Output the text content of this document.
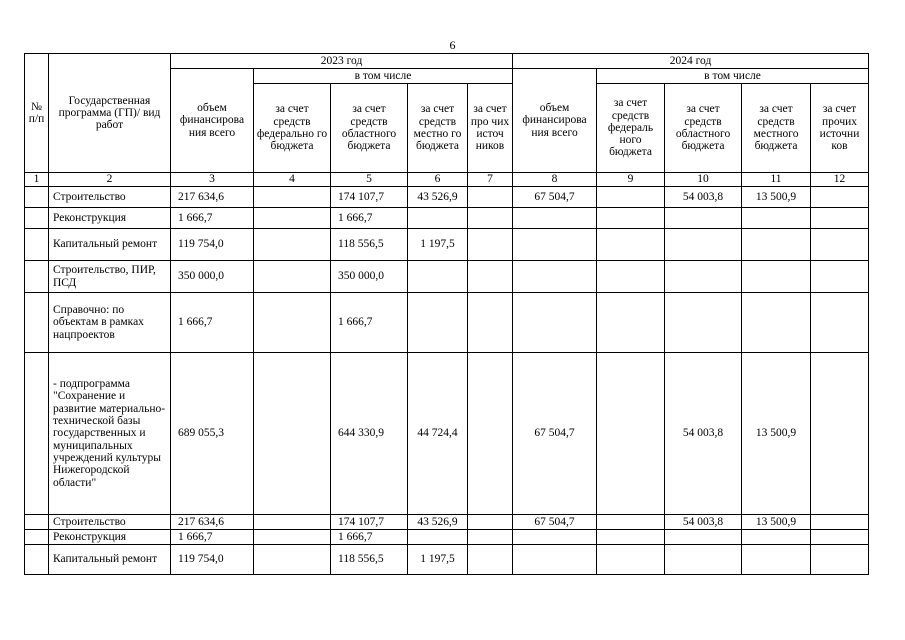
6
№ п/п	Государственная программа (ГП)/ вид работ	2023 год					2024 год				
		объем финансирова ния всего	в том числе				объем финансирова ния всего	в том числе			
			за счет средств федерально го бюджета	за счет средств областного бюджета	за счет средств местно го бюджета	за счет про чих источ ников		за счет средств федераль ного бюджета	за счет средств областного бюджета	за счет средств местного бюджета	за счет прочих источни ков
1	2	3	4	5	6	7	8	9	10	11	12
	Строительство	217 634,6		174 107,7	43 526,9		67 504,7		54 003,8	13 500,9	
	Реконструкция	1 666,7		1 666,7							
	Капитальный ремонт	119 754,0		118 556,5	1 197,5						
	Строительство, ПИР, ПСД	350 000,0		350 000,0							
	Справочно: по объектам в рамках нацпроектов	1 666,7		1 666,7							
	- подпрограмма "Сохранение и развитие материально-технической базы государственных и муниципальных учреждений культуры Нижегородской области"	689 055,3		644 330,9	44 724,4		67 504,7		54 003,8	13 500,9	
	Строительство	217 634,6		174 107,7	43 526,9		67 504,7		54 003,8	13 500,9	
	Реконструкция	1 666,7		1 666,7							
	Капитальный ремонт	119 754,0		118 556,5	1 197,5						
